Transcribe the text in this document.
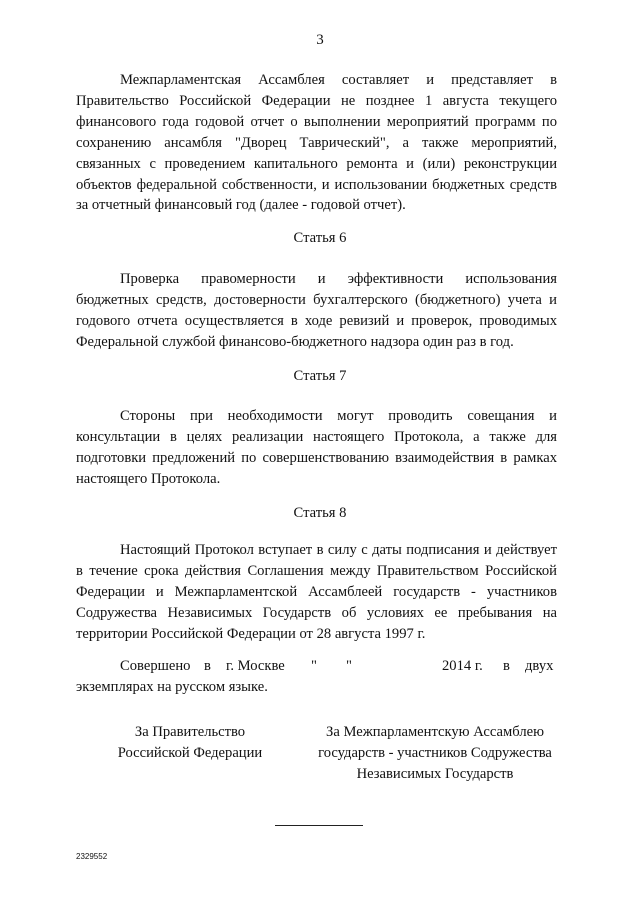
3

Межпарламентская Ассамблея составляет и представляет в Правительство Российской Федерации не позднее 1 августа текущего финансового года годовой отчет о выполнении мероприятий программ по сохранению ансамбля "Дворец Таврический", а также мероприятий, связанных с проведением капитального ремонта и (или) реконструкции объектов федеральной собственности, и использовании бюджетных средств за отчетный финансовый год (далее - годовой отчет).

Статья 6

Проверка правомерности и эффективности использования бюджетных средств, достоверности бухгалтерского (бюджетного) учета и годового отчета осуществляется в ходе ревизий и проверок, проводимых Федеральной службой финансово-бюджетного надзора один раз в год.

Статья 7

Стороны при необходимости могут проводить совещания и консультации в целях реализации настоящего Протокола, а также для подготовки предложений по совершенствованию взаимодействия в рамках настоящего Протокола.

Статья 8

Настоящий Протокол вступает в силу с даты подписания и действует в течение срока действия Соглашения между Правительством Российской Федерации и Межпарламентской Ассамблеей государств - участников Содружества Независимых Государств об условиях ее пребывания на территории Российской Федерации от 28 августа 1997 г.

Совершено в г. Москве " "	2014 г. в двух
экземплярах на русском языке.
За Правительство
Российской Федерации
За Межпарламентскую Ассамблею
государств - участников Содружества
Независимых Государств
2329552
